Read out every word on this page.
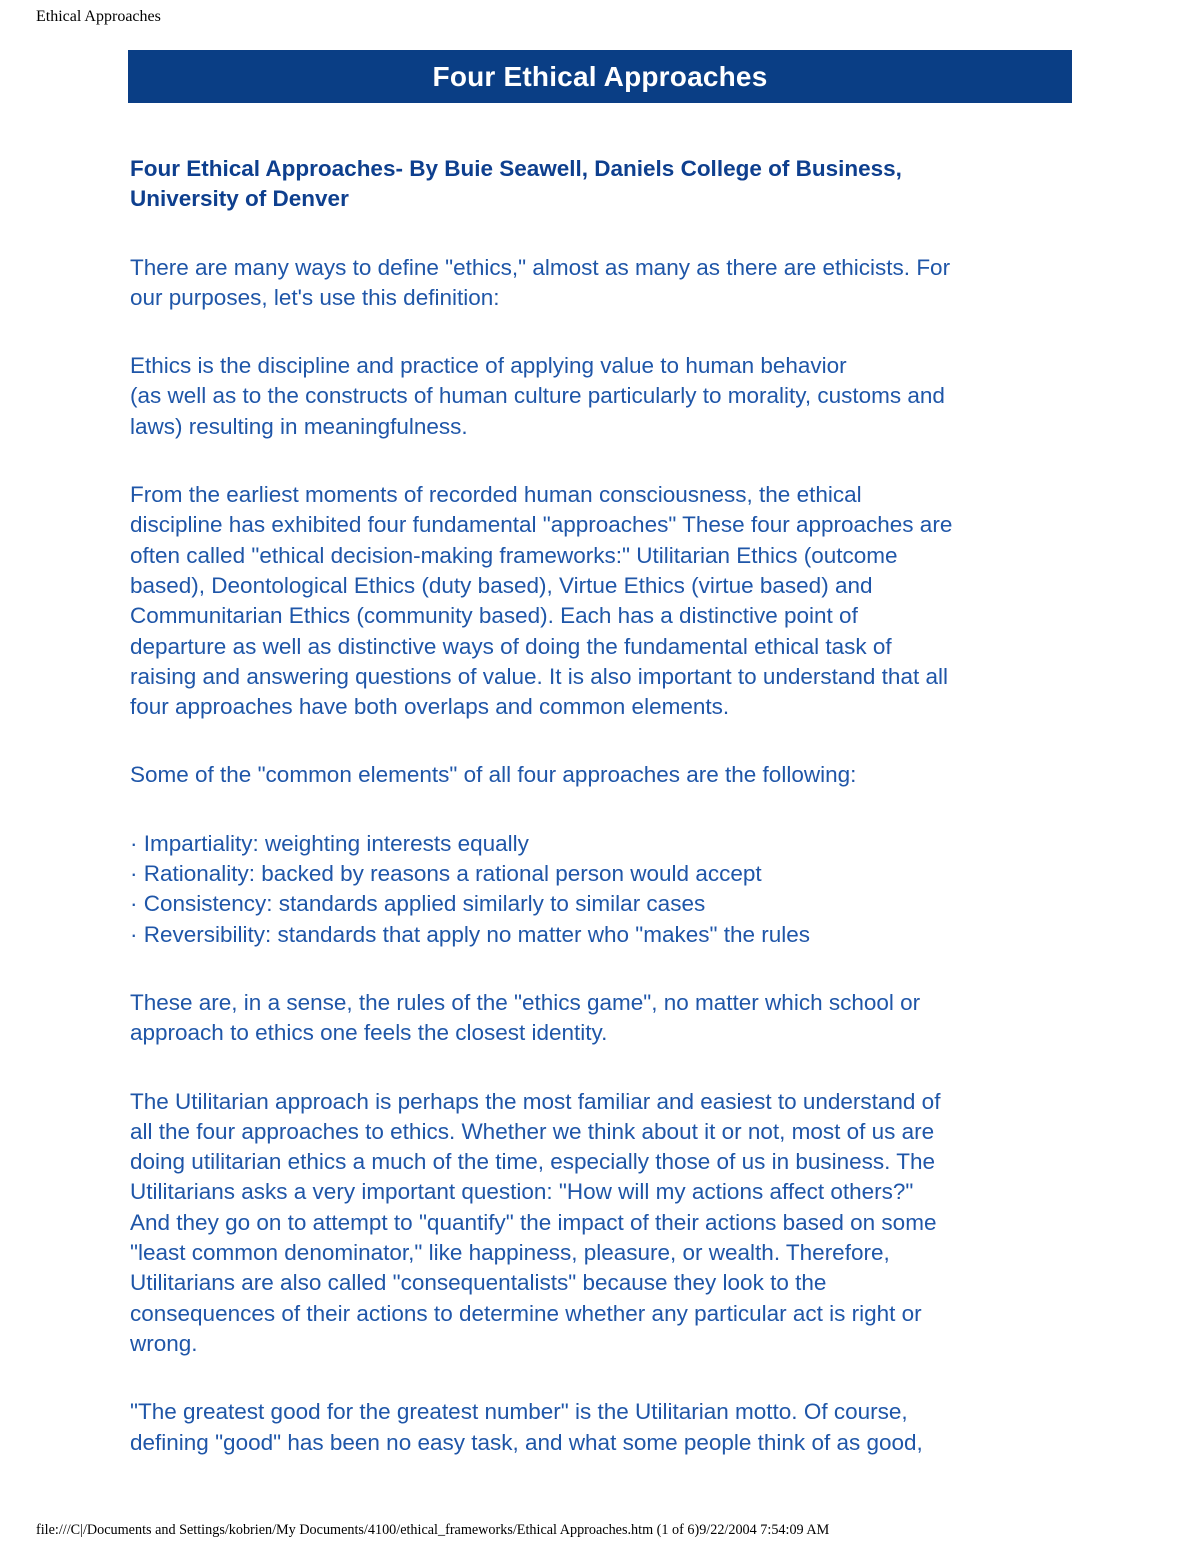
Ethical Approaches
Four Ethical Approaches

Four Ethical Approaches- By Buie Seawell, Daniels College of Business,
University of Denver

There are many ways to define "ethics," almost as many as there are ethicists. For
our purposes, let's use this definition:

Ethics is the discipline and practice of applying value to human behavior
(as well as to the constructs of human culture particularly to morality, customs and
laws) resulting in meaningfulness.

From the earliest moments of recorded human consciousness, the ethical
discipline has exhibited four fundamental "approaches" These four approaches are
often called "ethical decision-making frameworks:" Utilitarian Ethics (outcome
based), Deontological Ethics (duty based), Virtue Ethics (virtue based) and
Communitarian Ethics (community based). Each has a distinctive point of
departure as well as distinctive ways of doing the fundamental ethical task of
raising and answering questions of value. It is also important to understand that all
four approaches have both overlaps and common elements.

Some of the "common elements" of all four approaches are the following:

· Impartiality: weighting interests equally
· Rationality: backed by reasons a rational person would accept
· Consistency: standards applied similarly to similar cases
· Reversibility: standards that apply no matter who "makes" the rules

These are, in a sense, the rules of the "ethics game", no matter which school or
approach to ethics one feels the closest identity.

The Utilitarian approach is perhaps the most familiar and easiest to understand of
all the four approaches to ethics. Whether we think about it or not, most of us are
doing utilitarian ethics a much of the time, especially those of us in business. The
Utilitarians asks a very important question: "How will my actions affect others?"
And they go on to attempt to "quantify" the impact of their actions based on some
"least common denominator," like happiness, pleasure, or wealth. Therefore,
Utilitarians are also called "consequentalists" because they look to the
consequences of their actions to determine whether any particular act is right or
wrong.

"The greatest good for the greatest number" is the Utilitarian motto. Of course,
defining "good" has been no easy task, and what some people think of as good,

file:///C|/Documents and Settings/kobrien/My Documents/4100/ethical_frameworks/Ethical Approaches.htm (1 of 6)9/22/2004 7:54:09 AM
